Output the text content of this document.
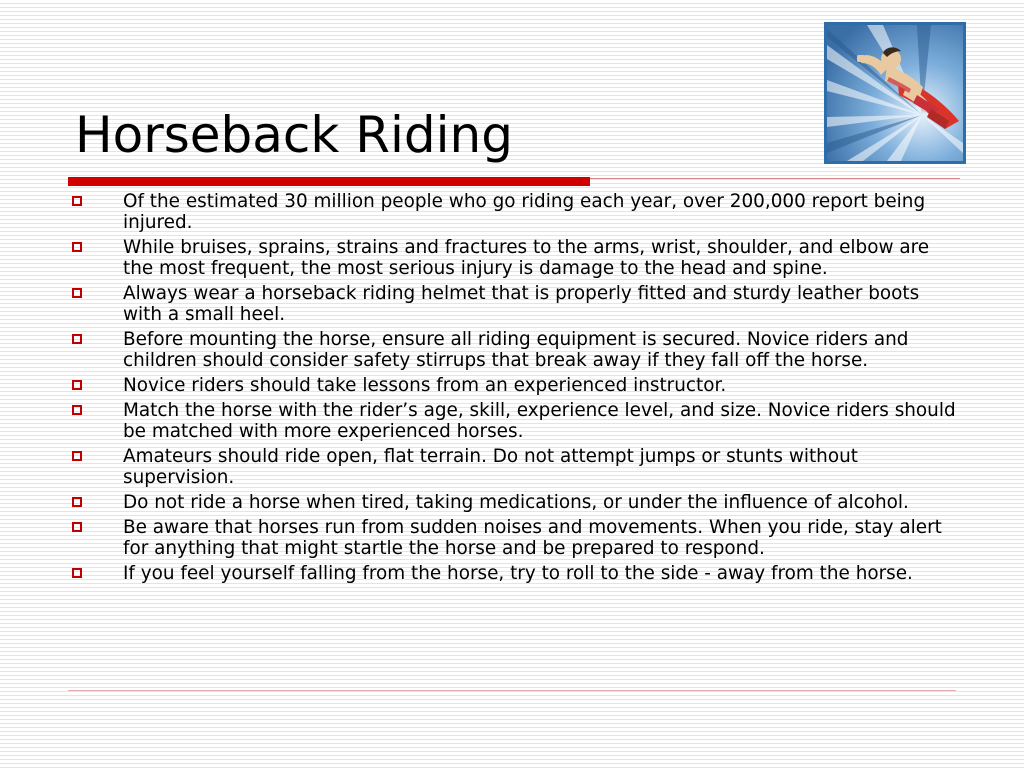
Horseback Riding
Of the estimated 30 million people who go riding each year, over 200,000 report being injured.
While bruises, sprains, strains and fractures to the arms, wrist, shoulder, and elbow are the most frequent, the most serious injury is damage to the head and spine.
Always wear a horseback riding helmet that is properly fitted and sturdy leather boots with a small heel.
Before mounting the horse, ensure all riding equipment is secured. Novice riders and children should consider safety stirrups that break away if they fall off the horse.
Novice riders should take lessons from an experienced instructor.
Match the horse with the rider’s age, skill, experience level, and size. Novice riders should be matched with more experienced horses.
Amateurs should ride open, flat terrain. Do not attempt jumps or stunts without supervision.
Do not ride a horse when tired, taking medications, or under the influence of alcohol.
Be aware that horses run from sudden noises and movements. When you ride, stay alert for anything that might startle the horse and be prepared to respond.
If you feel yourself falling from the horse, try to roll to the side - away from the horse.
